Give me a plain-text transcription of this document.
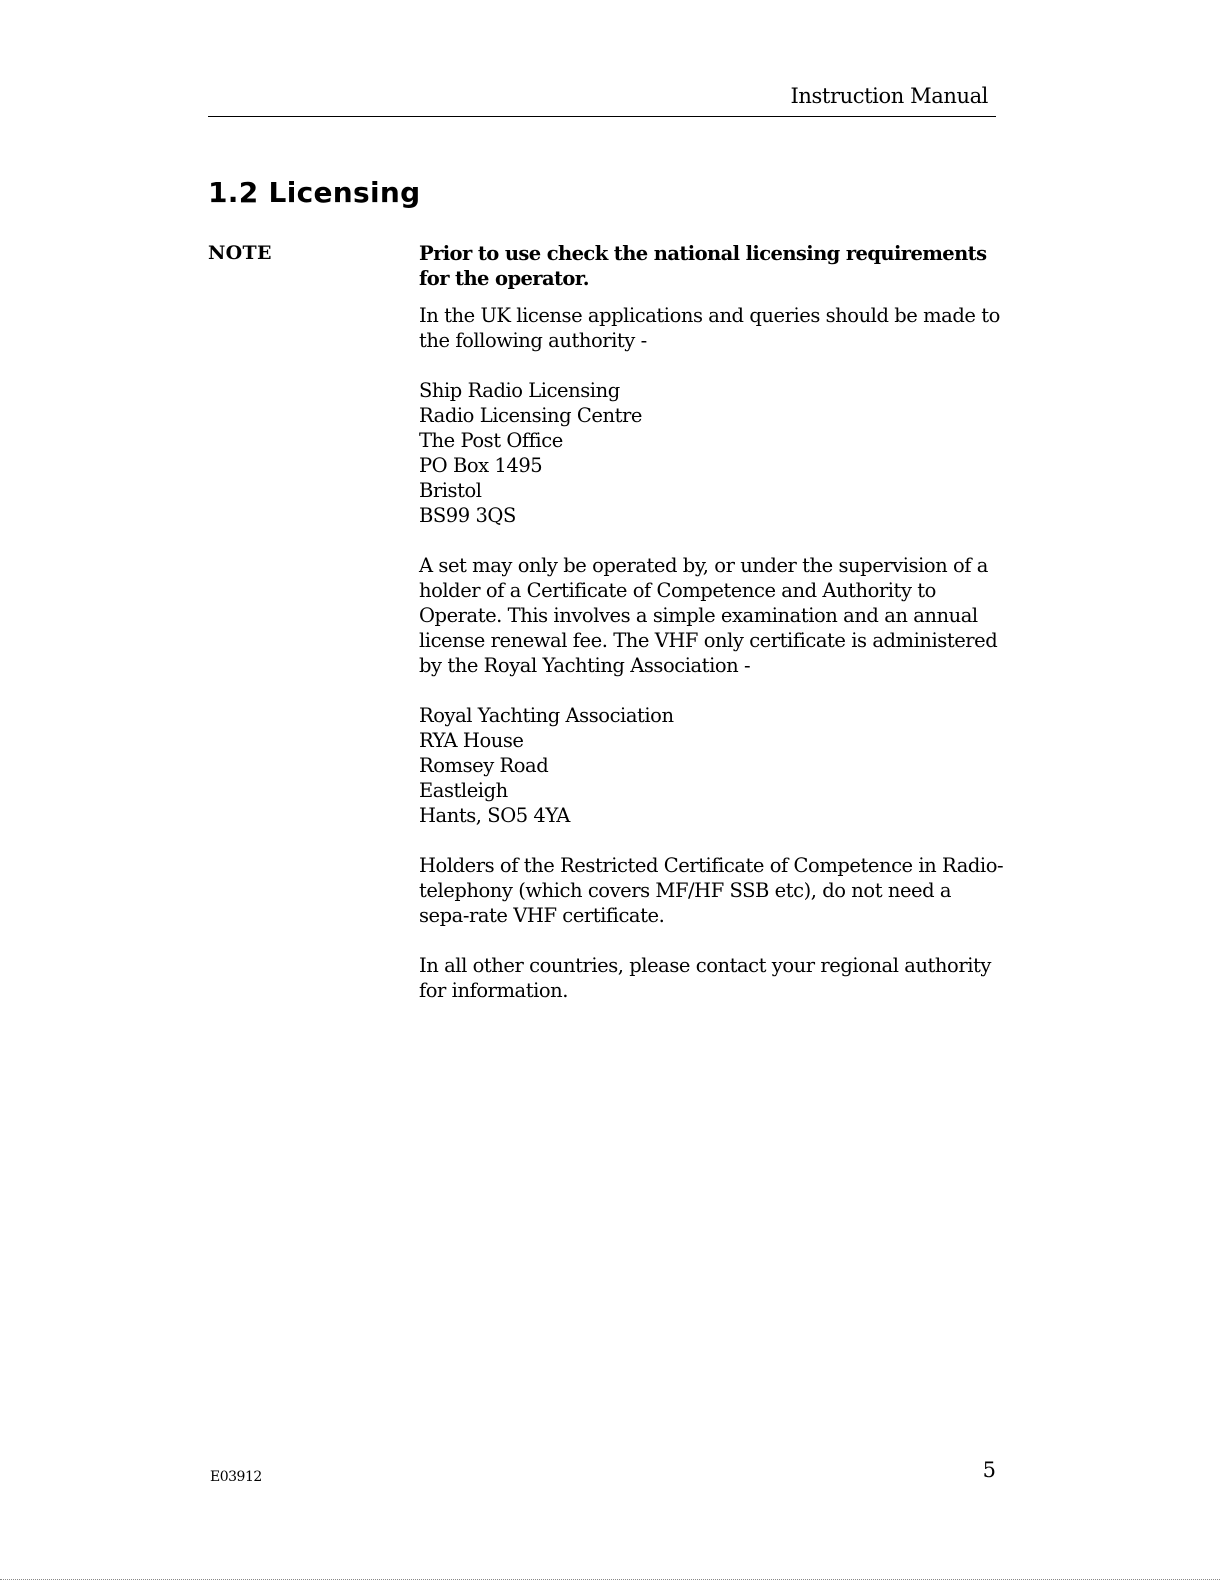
Instruction Manual
1.2 Licensing
NOTE	Prior to use check the national licensing requirements for the operator.

In the UK license applications and queries should be made to the following authority -

Ship Radio Licensing
Radio Licensing Centre
The Post Office
PO Box 1495
Bristol
BS99 3QS

A set may only be operated by, or under the supervision of a holder of a Certificate of Competence and Authority to Operate. This involves a simple examination and an annual license renewal fee. The VHF only certificate is administered by the Royal Yachting Association -

Royal Yachting Association
RYA House
Romsey Road
Eastleigh
Hants, SO5 4YA

Holders of the Restricted Certificate of Competence in Radio-telephony (which covers MF/HF SSB etc), do not need a sepa-rate VHF certificate.

In all other countries, please contact your regional authority for information.

E03912	5
